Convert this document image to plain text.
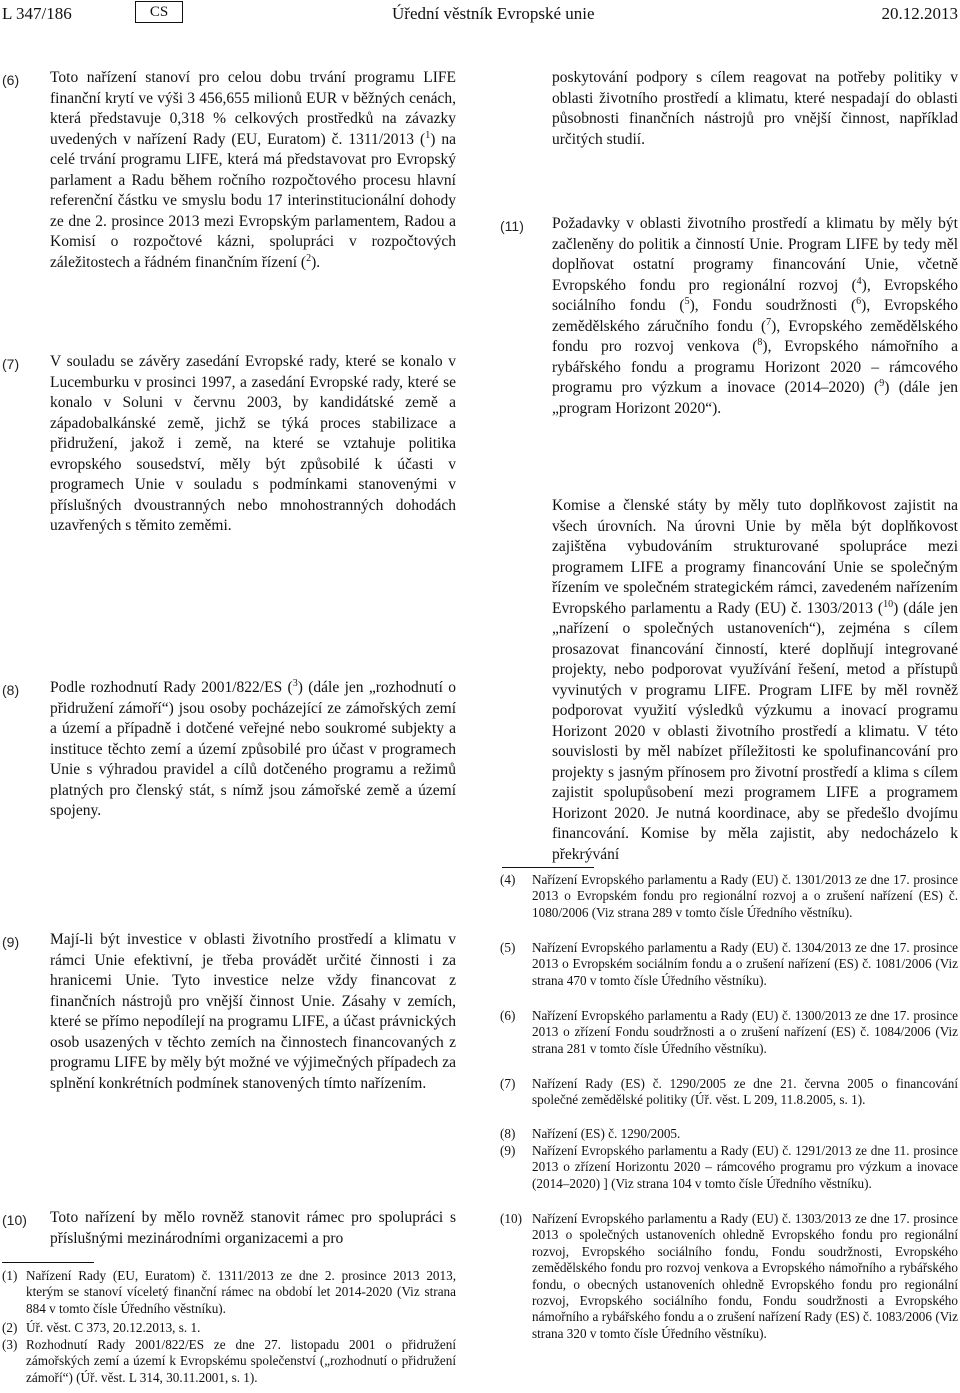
L 347/186	CS	Úřední věstník Evropské unie	20.12.2013
(6)	Toto nařízení stanoví pro celou dobu trvání programu LIFE finanční krytí ve výši 3 456,655 milionů EUR v běžných cenách, která představuje 0,318 % celkových prostředků na závazky uvedených v nařízení Rady (EU, Euratom) č. 1311/2013 ($^1$) na celé trvání programu LIFE, která má představovat pro Evropský parlament a Radu během ročního rozpočtového procesu hlavní referenční částku ve smyslu bodu 17 interinstitucionální dohody ze dne 2. prosince 2013 mezi Evropským parlamentem, Radou a Komisí o rozpočtové kázni, spolupráci v rozpočtových záležitostech a řádném finančním řízení ($^2$).
(7)	V souladu se závěry zasedání Evropské rady, které se konalo v Lucemburku v prosinci 1997, a zasedání Evropské rady, které se konalo v Soluni v červnu 2003, by kandidátské země a západobalkánské země, jichž se týká proces stabilizace a přidružení, jakož i země, na které se vztahuje politika evropského sousedství, měly být způsobilé k účasti v programech Unie v souladu s podmínkami stanovenými v příslušných dvoustranných nebo mnohostranných dohodách uzavřených s těmito zeměmi.
(8)	Podle rozhodnutí Rady 2001/822/ES ($^3$) (dále jen „rozhodnutí o přidružení zámoří“) jsou osoby pocházející ze zámořských zemí a území a případně i dotčené veřejné nebo soukromé subjekty a instituce těchto zemí a území způsobilé pro účast v programech Unie s výhradou pravidel a cílů dotčeného programu a režimů platných pro členský stát, s nímž jsou zámořské země a území spojeny.
(9)	Mají-li být investice v oblasti životního prostředí a klimatu v rámci Unie efektivní, je třeba provádět určité činnosti i za hranicemi Unie. Tyto investice nelze vždy financovat z finančních nástrojů pro vnější činnost Unie. Zásahy v zemích, které se přímo nepodílejí na programu LIFE, a účast právnických osob usazených v těchto zemích na činnostech financovaných z programu LIFE by měly být možné ve výjimečných případech za splnění konkrétních podmínek stanovených tímto nařízením.
(10)	Toto nařízení by mělo rovněž stanovit rámec pro spolupráci s příslušnými mezinárodními organizacemi a pro
(1) Nařízení Rady (EU, Euratom) č. 1311/2013 ze dne 2. prosince 2013 2013, kterým se stanoví víceletý finanční rámec na období let 2014-2020 (Viz strana 884 v tomto čísle Úředního věstníku).
(2) Úř. věst. C 373, 20.12.2013, s. 1.
(3) Rozhodnutí Rady 2001/822/ES ze dne 27. listopadu 2001 o přidružení zámořských zemí a území k Evropskému společenství („rozhodnutí o přidružení zámoří“) (Úř. věst. L 314, 30.11.2001, s. 1).
poskytování podpory s cílem reagovat na potřeby politiky v oblasti životního prostředí a klimatu, které nespadají do oblasti působnosti finančních nástrojů pro vnější činnost, například určitých studií.
(11)	Požadavky v oblasti životního prostředí a klimatu by měly být začleněny do politik a činností Unie. Program LIFE by tedy měl doplňovat ostatní programy financování Unie, včetně Evropského fondu pro regionální rozvoj ($^4$), Evropského sociálního fondu ($^5$), Fondu soudržnosti ($^6$), Evropského zemědělského záručního fondu ($^7$), Evropského zemědělského fondu pro rozvoj venkova ($^8$), Evropského námořního a rybářského fondu a programu Horizont 2020 – rámcového programu pro výzkum a inovace (2014–2020) ($^9$) (dále jen „program Horizont 2020“).
Komise a členské státy by měly tuto doplňkovost zajistit na všech úrovních. Na úrovni Unie by měla být doplňkovost zajištěna vybudováním strukturované spolupráce mezi programem LIFE a programy financování Unie se společným řízením ve společném strategickém rámci, zavedeném nařízením Evropského parlamentu a Rady (EU) č. 1303/2013 ($^{10}$) (dále jen „nařízení o společných ustanoveních“), zejména s cílem prosazovat financování činností, které doplňují integrované projekty, nebo podporovat využívání řešení, metod a přístupů vyvinutých v programu LIFE. Program LIFE by měl rovněž podporovat využití výsledků výzkumu a inovací programu Horizont 2020 v oblasti životního prostředí a klimatu. V této souvislosti by měl nabízet příležitosti ke spolufinancování pro projekty s jasným přínosem pro životní prostředí a klima s cílem zajistit spolupůsobení mezi programem LIFE a programem Horizont 2020. Je nutná koordinace, aby se předešlo dvojímu financování. Komise by měla zajistit, aby nedocházelo k překrývání
(4)	Nařízení Evropského parlamentu a Rady (EU) č. 1301/2013 ze dne 17. prosince 2013 o Evropském fondu pro regionální rozvoj a o zrušení nařízení (ES) č. 1080/2006 (Viz strana 289 v tomto čísle Úředního věstníku).
(5)	Nařízení Evropského parlamentu a Rady (EU) č. 1304/2013 ze dne 17. prosince 2013 o Evropském sociálním fondu a o zrušení nařízení (ES) č. 1081/2006 (Viz strana 470 v tomto čísle Úředního věstníku).
(6)	Nařízení Evropského parlamentu a Rady (EU) č. 1300/2013 ze dne 17. prosince 2013 o zřízení Fondu soudržnosti a o zrušení nařízení (ES) č. 1084/2006 (Viz strana 281 v tomto čísle Úředního věstníku).
(7)	Nařízení Rady (ES) č. 1290/2005 ze dne 21. června 2005 o financování společné zemědělské politiky (Úř. věst. L 209, 11.8.2005, s. 1).
(8)	Nařízení (ES) č. 1290/2005.
(9)	Nařízení Evropského parlamentu a Rady (EU) č. 1291/2013 ze dne 11. prosince 2013 o zřízení Horizontu 2020 – rámcového programu pro výzkum a inovace (2014–2020) ] (Viz strana 104 v tomto čísle Úředního věstníku).
(10) Nařízení Evropského parlamentu a Rady (EU) č. 1303/2013 ze dne 17. prosince 2013 o společných ustanoveních ohledně Evropského fondu pro regionální rozvoj, Evropského sociálního fondu, Fondu soudržnosti, Evropského zemědělského fondu pro rozvoj venkova a Evropského námořního a rybářského fondu, o obecných ustanoveních ohledně Evropského fondu pro regionální rozvoj, Evropského sociálního fondu, Fondu soudržnosti a Evropského námořního a rybářského fondu a o zrušení nařízení Rady (ES) č. 1083/2006 (Viz strana 320 v tomto čísle Úředního věstníku).
